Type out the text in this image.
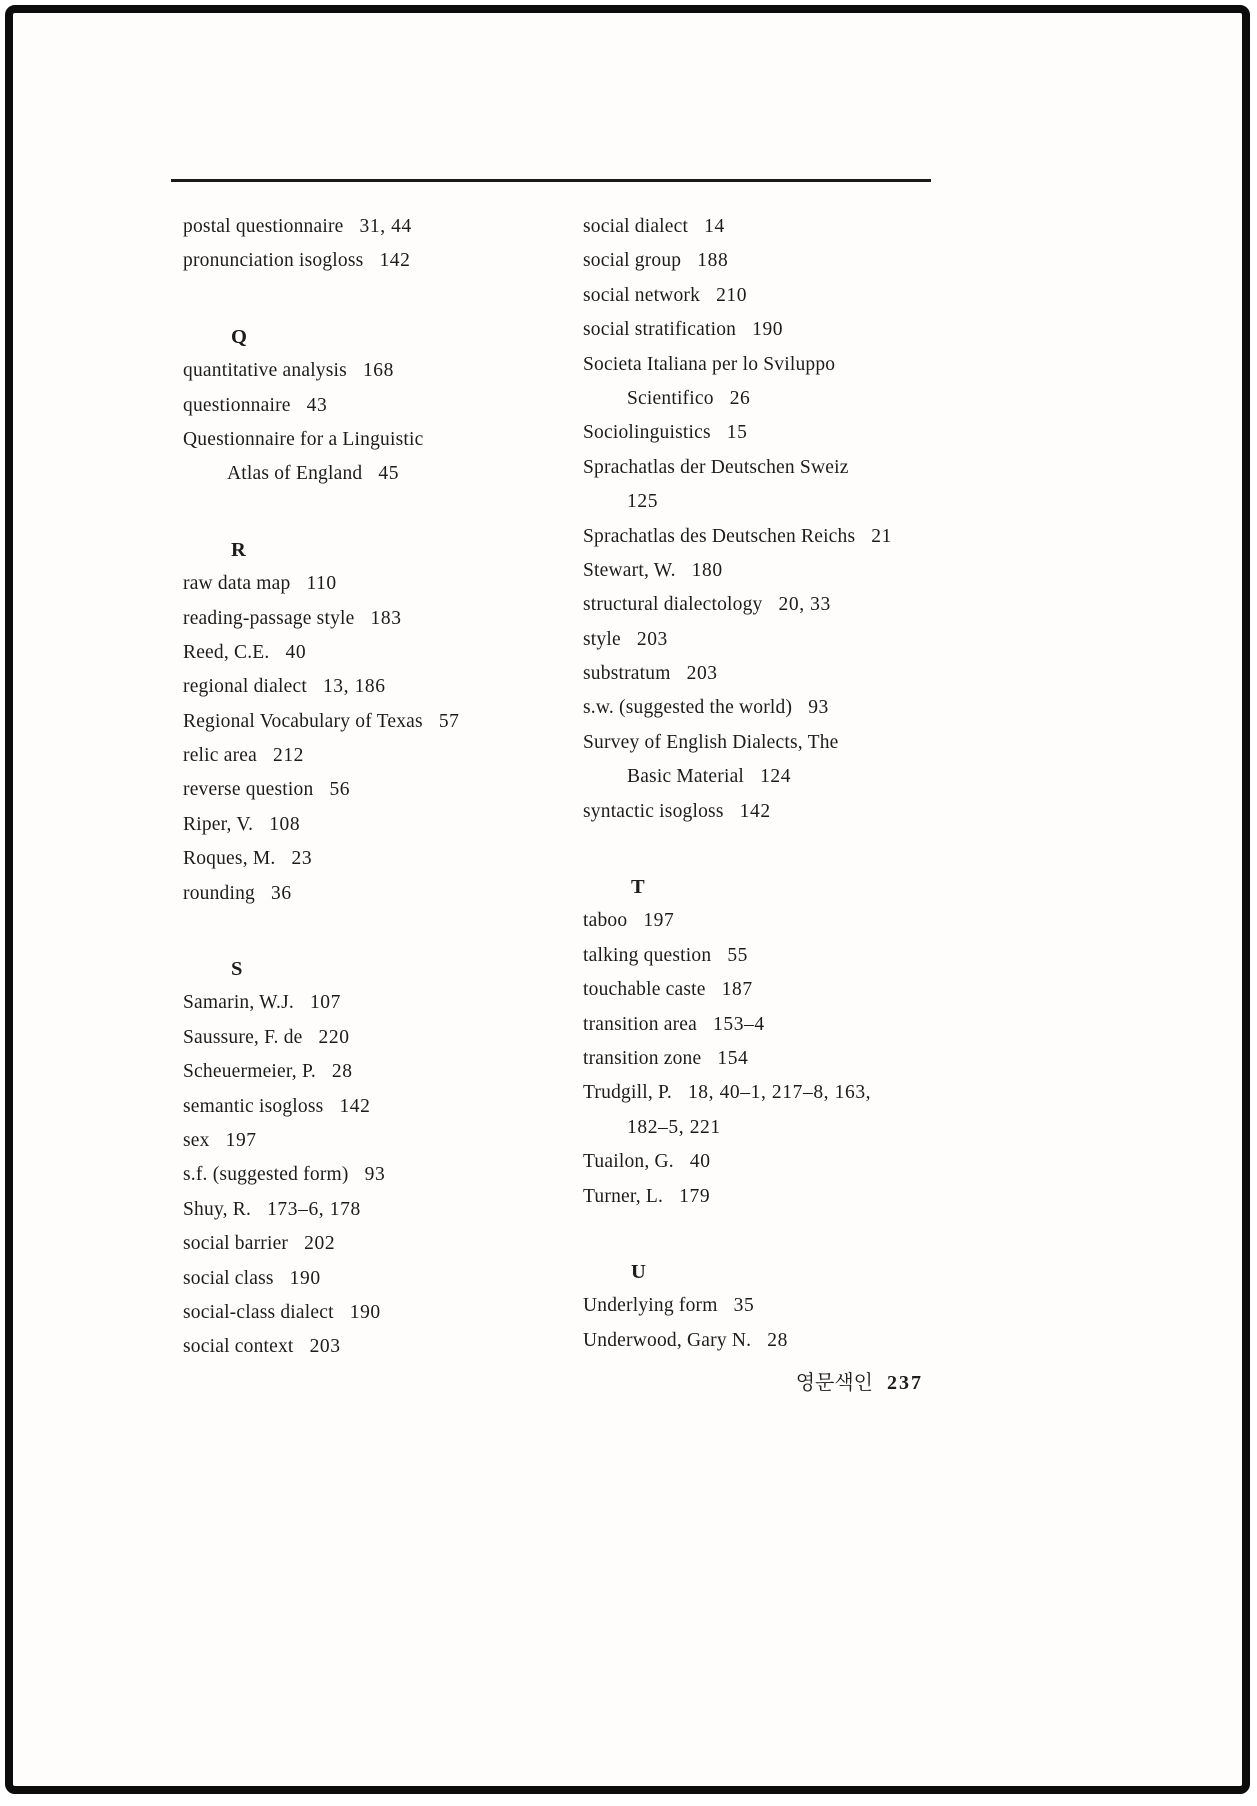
postal questionnaire 31, 44
pronunciation isogloss 142
Q
quantitative analysis 168
questionnaire 43
Questionnaire for a Linguistic
Atlas of England 45
R
raw data map 110
reading-passage style 183
Reed, C.E. 40
regional dialect 13, 186
Regional Vocabulary of Texas 57
relic area 212
reverse question 56
Riper, V. 108
Roques, M. 23
rounding 36
S
Samarin, W.J. 107
Saussure, F. de 220
Scheuermeier, P. 28
semantic isogloss 142
sex 197
s.f. (suggested form) 93
Shuy, R. 173–6, 178
social barrier 202
social class 190
social-class dialect 190
social context 203
social dialect 14
social group 188
social network 210
social stratification 190
Societa Italiana per lo Sviluppo
Scientifico 26
Sociolinguistics 15
Sprachatlas der Deutschen Sweiz
125
Sprachatlas des Deutschen Reichs 21
Stewart, W. 180
structural dialectology 20, 33
style 203
substratum 203
s.w. (suggested the world) 93
Survey of English Dialects, The
Basic Material 124
syntactic isogloss 142
T
taboo 197
talking question 55
touchable caste 187
transition area 153–4
transition zone 154
Trudgill, P. 18, 40–1, 217–8, 163,
182–5, 221
Tuailon, G. 40
Turner, L. 179
U
Underlying form 35
Underwood, Gary N. 28
영문색인 237
